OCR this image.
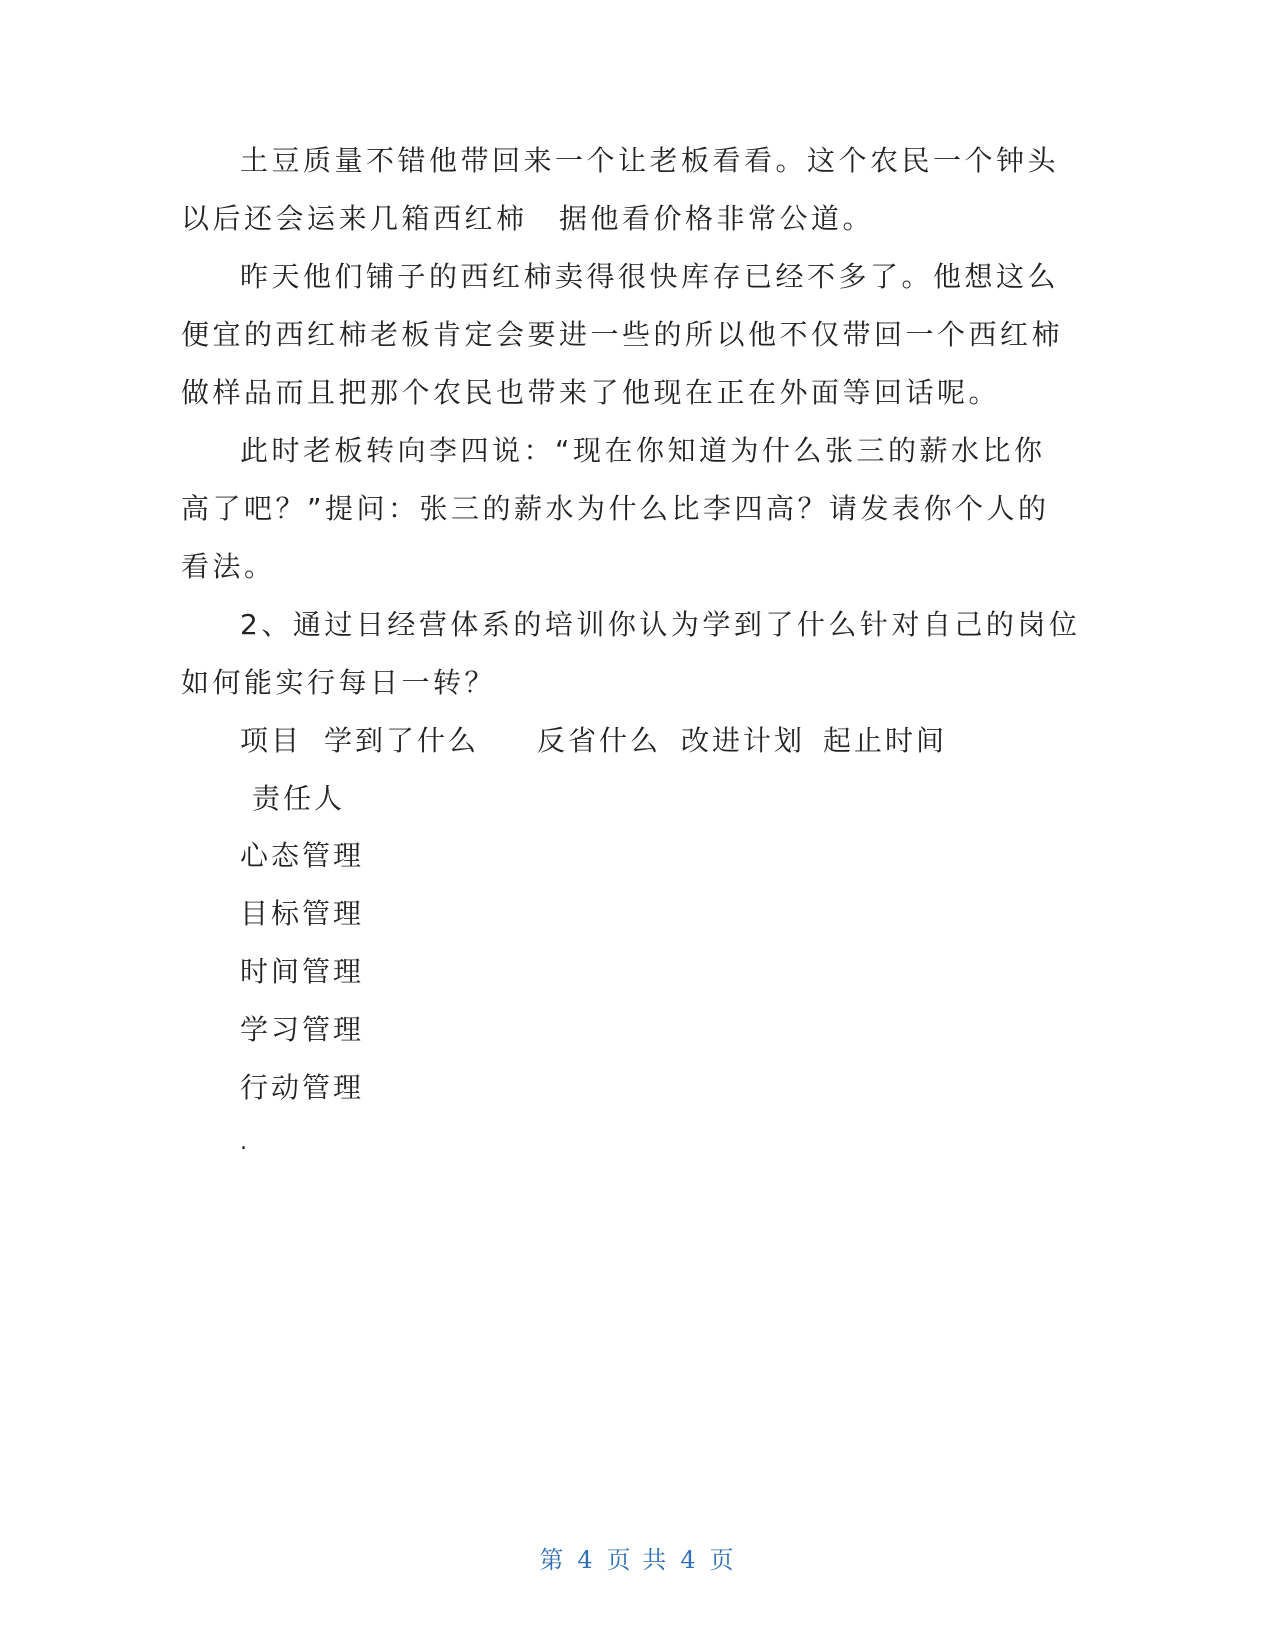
土豆质量不错他带回来一个让老板看看。这个农民一个钟头
以后还会运来几箱西红柿　据他看价格非常公道。
昨天他们铺子的西红柿卖得很快库存已经不多了。他想这么
便宜的西红柿老板肯定会要进一些的所以他不仅带回一个西红柿
做样品而且把那个农民也带来了他现在正在外面等回话呢。
此时老板转向李四说：“现在你知道为什么张三的薪水比你
高了吧？”提问：张三的薪水为什么比李四高？请发表你个人的
看法。
2、通过日经营体系的培训你认为学到了什么针对自己的岗位
如何能实行每日一转？
项目 学到了什么 反省什么 改进计划 起止时间
责任人
心态管理
目标管理
时间管理
学习管理
行动管理
.
第 4 页 共 4 页
